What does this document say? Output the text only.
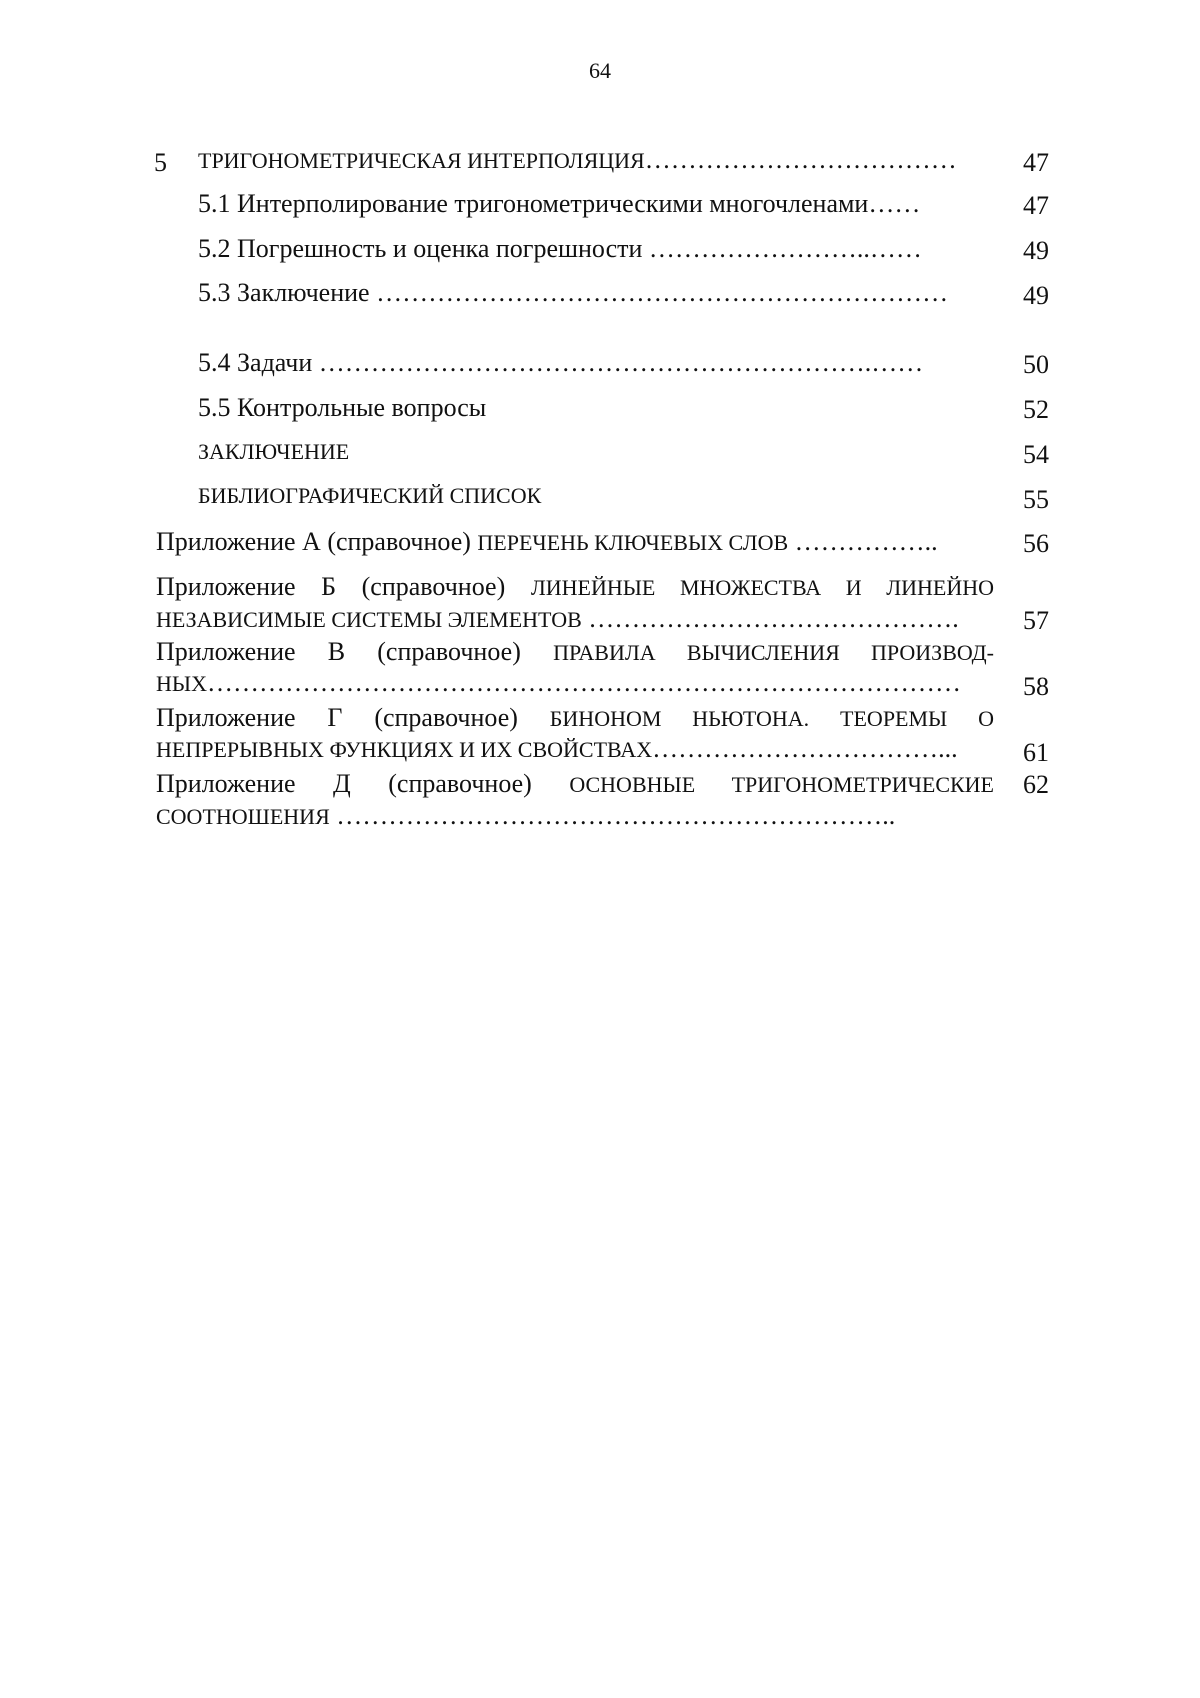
64
5 ТРИГОНОМЕТРИЧЕСКАЯ ИНТЕРПОЛЯЦИЯ………………………………	47
5.1 Интерполирование тригонометрическими многочленами……	47
5.2 Погрешность и оценка погрешности ……………………..……	49
5.3 Заключение …………………………………………………………	49
5.4 Задачи ……………………………………………………….……	50
5.5 Контрольные вопросы	52
ЗАКЛЮЧЕНИЕ	54
БИБЛИОГРАФИЧЕСКИЙ СПИСОК	55
Приложение А (справочное) ПЕРЕЧЕНЬ КЛЮЧЕВЫХ СЛОВ ……………..	56
Приложение Б (справочное) ЛИНЕЙНЫЕ МНОЖЕСТВА И ЛИНЕЙНО
НЕЗАВИСИМЫЕ СИСТЕМЫ ЭЛЕМЕНТОВ …………………………………….	57
Приложение В (справочное) ПРАВИЛА ВЫЧИСЛЕНИЯ ПРОИЗВОД-
НЫХ……………………………………………………………………………	58
Приложение Г (справочное) БИНОНОМ НЬЮТОНА. ТЕОРЕМЫ О
НЕПРЕРЫВНЫХ ФУНКЦИЯХ И ИХ СВОЙСТВАХ……………………………...	61
Приложение Д (справочное) ОСНОВНЫЕ ТРИГОНОМЕТРИЧЕСКИЕ	62
СООТНОШЕНИЯ ………………………………………………………..
